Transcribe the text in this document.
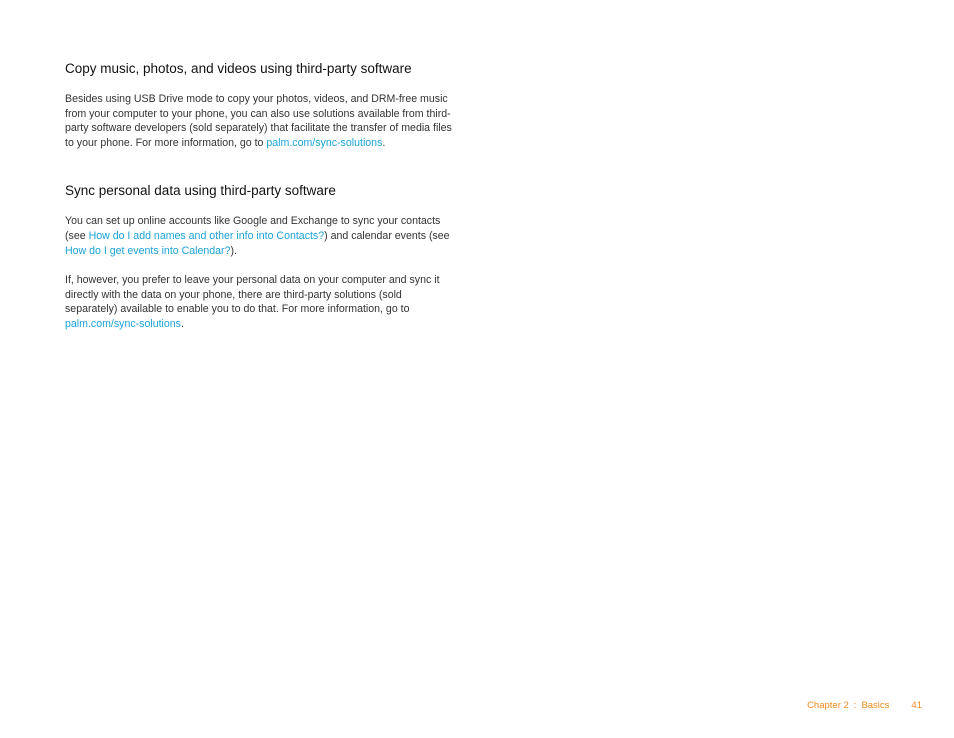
Copy music, photos, and videos using third-party software

Besides using USB Drive mode to copy your photos, videos, and DRM-free music from your computer to your phone, you can also use solutions available from third-party software developers (sold separately) that facilitate the transfer of media files to your phone. For more information, go to palm.com/sync-solutions.

Sync personal data using third-party software

You can set up online accounts like Google and Exchange to sync your contacts (see How do I add names and other info into Contacts?) and calendar events (see How do I get events into Calendar?).

If, however, you prefer to leave your personal data on your computer and sync it directly with the data on your phone, there are third-party solutions (sold separately) available to enable you to do that. For more information, go to palm.com/sync-solutions.

Chapter 2 : Basics 41
